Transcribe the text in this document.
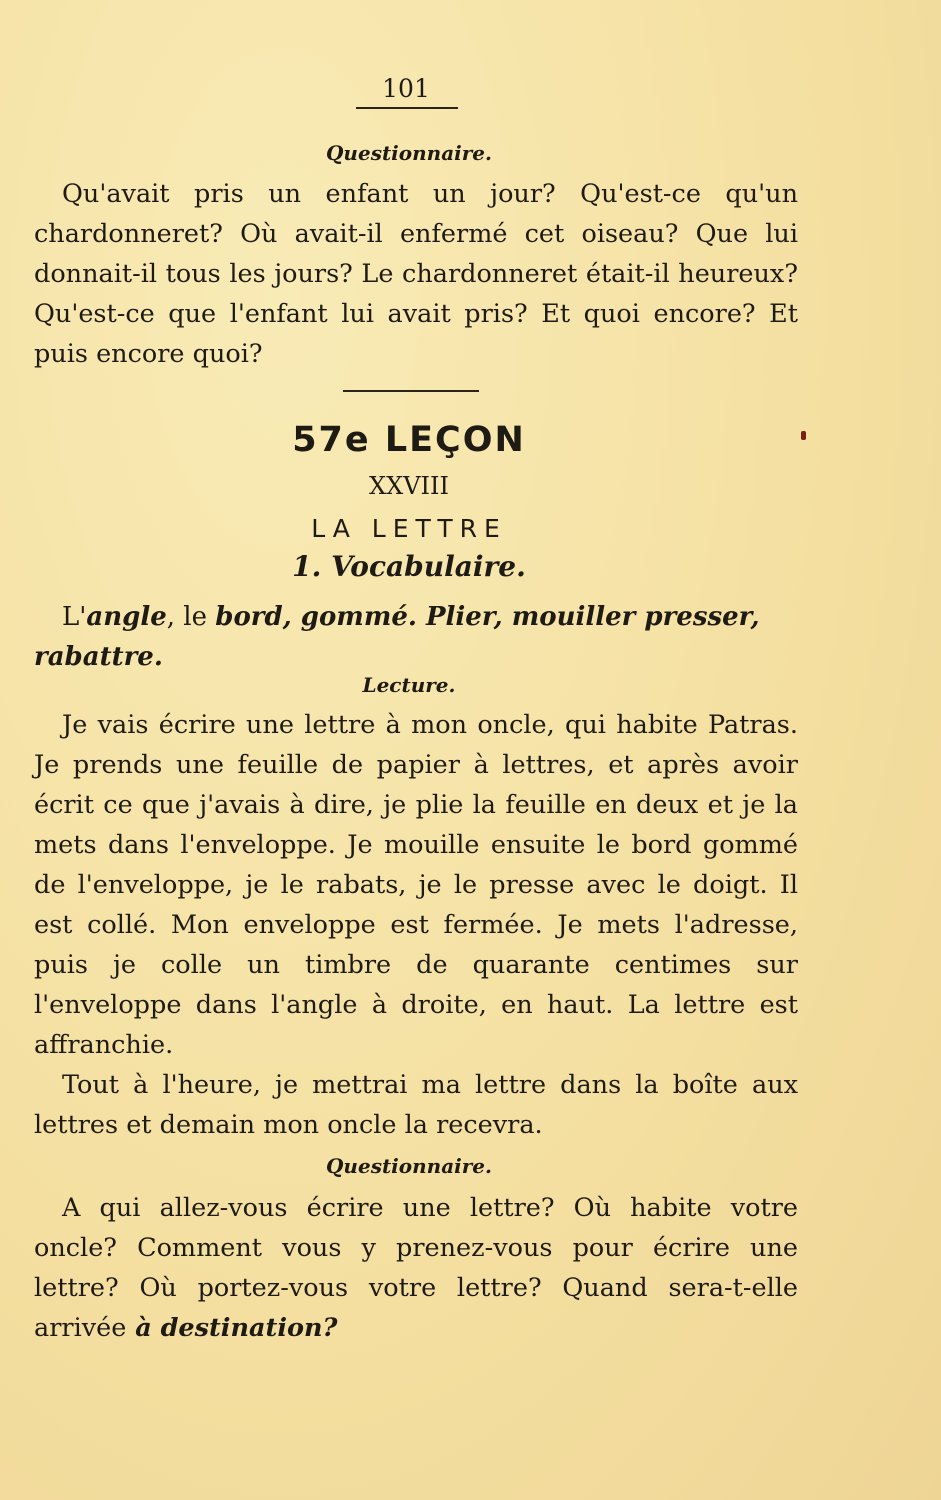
101
Questionnaire.

Qu'avait pris un enfant un jour? Qu'est-ce qu'un chardonneret? Où avait-il enfermé cet oiseau? Que lui donnait-il tous les jours? Le chardonneret était-il heureux? Qu'est-ce que l'enfant lui avait pris? Et quoi encore? Et puis encore quoi?

57e LEÇON
XXVIII
LA LETTRE
1. Vocabulaire.

L'angle, le bord, gommé. Plier, mouiller presser, rabattre.

Lecture.

Je vais écrire une lettre à mon oncle, qui habite Patras. Je prends une feuille de papier à lettres, et après avoir écrit ce que j'avais à dire, je plie la feuille en deux et je la mets dans l'enveloppe. Je mouille ensuite le bord gommé de l'enveloppe, je le rabats, je le presse avec le doigt. Il est collé. Mon enveloppe est fermée. Je mets l'adresse, puis je colle un timbre de quarante centimes sur l'enveloppe dans l'angle à droite, en haut. La lettre est affranchie.

Tout à l'heure, je mettrai ma lettre dans la boîte aux lettres et demain mon oncle la recevra.

Questionnaire.

A qui allez-vous écrire une lettre? Où habite votre oncle? Comment vous y prenez-vous pour écrire une lettre? Où portez-vous votre lettre? Quand sera-t-elle arrivée à destination?
